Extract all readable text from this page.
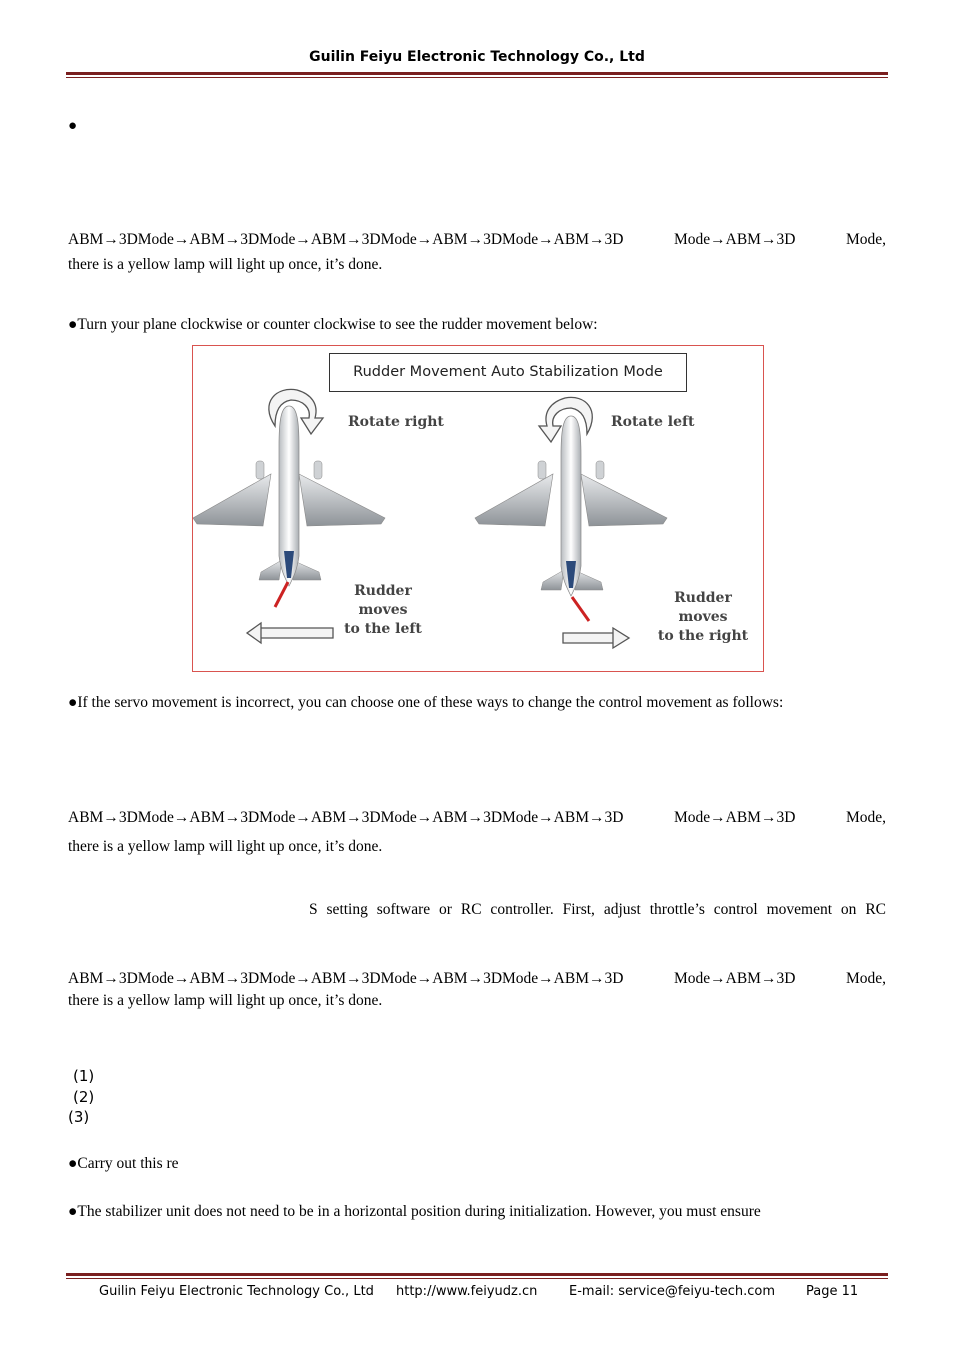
Guilin Feiyu Electronic Technology Co., Ltd
●
ABM→3DMode→ABM→3DMode→ABM→3DMode→ABM→3DMode→ABM→3D Mode→ABM→3D Mode,
there is a yellow lamp will light up once, it’s done.
●Turn your plane clockwise or counter clockwise to see the rudder movement below:
Rudder Movement Auto Stabilization Mode
Rotate right	Rotate left
Rudder moves
to the left
Rudder moves
to the right
●If the servo movement is incorrect, you can choose one of these ways to change the control movement as follows:
ABM→3DMode→ABM→3DMode→ABM→3DMode→ABM→3DMode→ABM→3D Mode→ABM→3D Mode,
there is a yellow lamp will light up once, it’s done.
S setting software or RC controller. First, adjust throttle’s control movement on RC
ABM→3DMode→ABM→3DMode→ABM→3DMode→ABM→3DMode→ABM→3D Mode→ABM→3D Mode,
there is a yellow lamp will light up once, it’s done.
(1)
(2)
(3)
●Carry out this re
●The stabilizer unit does not need to be in a horizontal position during initialization. However, you must ensure
Guilin Feiyu Electronic Technology Co., Ltd http://www.feiyudz.cn E-mail: service@feiyu-tech.com Page 11
